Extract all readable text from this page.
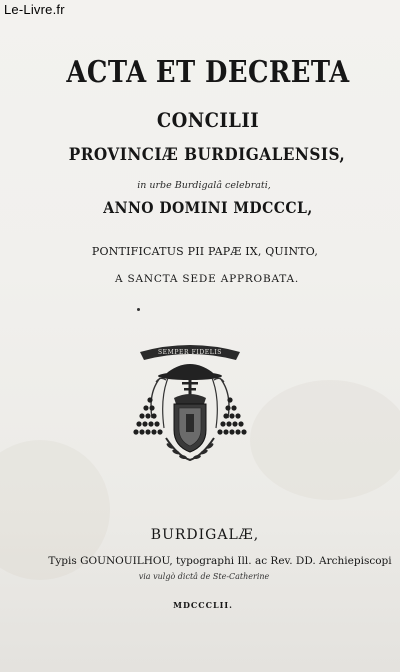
Le-Livre.fr
ACTA ET DECRETA
CONCILII
PROVINCIÆ BURDIGALENSIS,
in urbe Burdigalâ celebrati,
ANNO DOMINI MDCCCL,
PONTIFICATUS PII PAPÆ IX, QUINTO,
A SANCTA SEDE APPROBATA.
SEMPER FIDELIS
BURDIGALÆ,
Typis GOUNOUILHOU, typographi Ill. ac Rev. DD. Archiepiscopi
via vulgò dictâ de Ste-Catherine
MDCCCLII.
